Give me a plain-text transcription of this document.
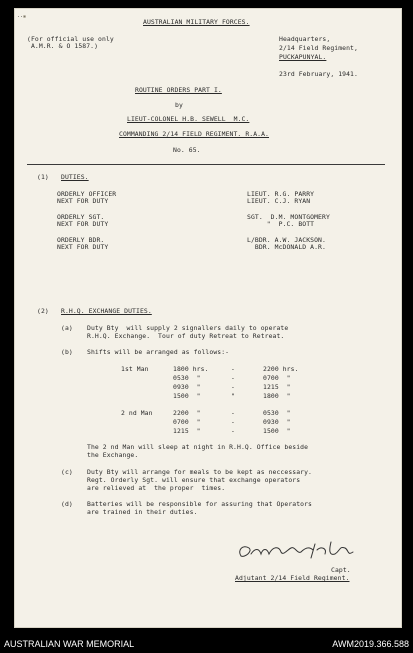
...
AUSTRALIAN MILITARY FORCES.
(For official use only
A.M.R. & O 1587.)
Headquarters,
2/14 Field Regiment,
PUCKAPUNYAL.
23rd February, 1941.
ROUTINE ORDERS PART I.
by
LIEUT-COLONEL H.B. SEWELL  M.C.
COMMANDING 2/14 FIELD REGIMENT. R.A.A.
No. 65.
(1) DUTIES.
ORDERLY OFFICER	LIEUT. R.G. PARRY
NEXT FOR DUTY	LIEUT. C.J. RYAN
ORDERLY SGT.	SGT.  D.M. MONTGOMERY
NEXT FOR DUTY	"  P.C. BOTT
ORDERLY BDR.	L/BDR. A.W. JACKSON.
NEXT FOR DUTY	BDR. McDONALD A.R.
(2) R.H.Q. EXCHANGE DUTIES.
(a) Duty Bty  will supply 2 signallers daily to operate
R.H.Q. Exchange.  Tour of duty Retreat to Retreat.
(b) Shifts will be arranged as follows:-
1st Man	1800 hrs.	-	2200 hrs.
0530  "	-	0700  "
0930  "	-	1215  "
1500  "	"	1800  "
2 nd Man	2200  "	-	0530  "
0700  "	-	0930  "
1215  "	-	1500  "
The 2 nd Man will sleep at night in R.H.Q. Office beside
the Exchange.
(c) Duty Bty will arrange for meals to be kept as neccessary.
Regt. Orderly Sgt. will ensure that exchange operators
are relieved at  the proper  times.
(d) Batteries will be responsible for assuring that Operators
are trained in their duties.
Capt.
Adjutant 2/14 Field Regiment.
AUSTRALIAN WAR MEMORIAL	AWM2019.366.588
